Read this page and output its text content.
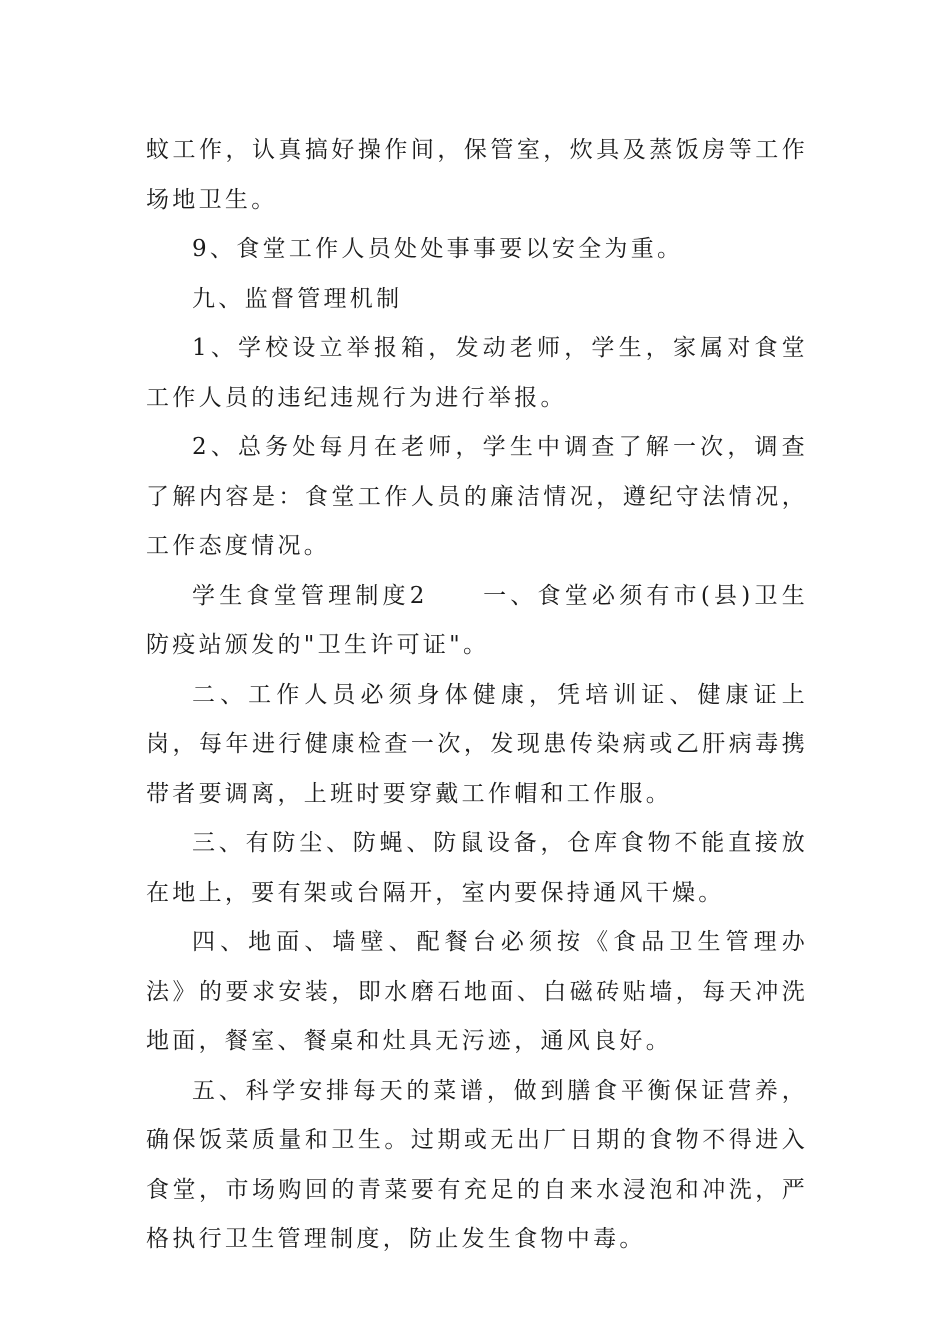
蚊工作，认真搞好操作间，保管室，炊具及蒸饭房等工作场地卫生。

9、食堂工作人员处处事事要以安全为重。

九、监督管理机制

1、学校设立举报箱，发动老师，学生，家属对食堂工作人员的违纪违规行为进行举报。

2、总务处每月在老师，学生中调查了解一次，调查了解内容是：食堂工作人员的廉洁情况，遵纪守法情况，工作态度情况。

学生食堂管理制度2　　一、食堂必须有市(县)卫生防疫站颁发的"卫生许可证"。

二、工作人员必须身体健康，凭培训证、健康证上岗，每年进行健康检查一次，发现患传染病或乙肝病毒携带者要调离，上班时要穿戴工作帽和工作服。

三、有防尘、防蝇、防鼠设备，仓库食物不能直接放在地上，要有架或台隔开，室内要保持通风干燥。

四、地面、墙壁、配餐台必须按《食品卫生管理办法》的要求安装，即水磨石地面、白磁砖贴墙，每天冲洗地面，餐室、餐桌和灶具无污迹，通风良好。

五、科学安排每天的菜谱，做到膳食平衡保证营养，确保饭菜质量和卫生。过期或无出厂日期的食物不得进入食堂，市场购回的青菜要有充足的自来水浸泡和冲洗，严格执行卫生管理制度，防止发生食物中毒。
